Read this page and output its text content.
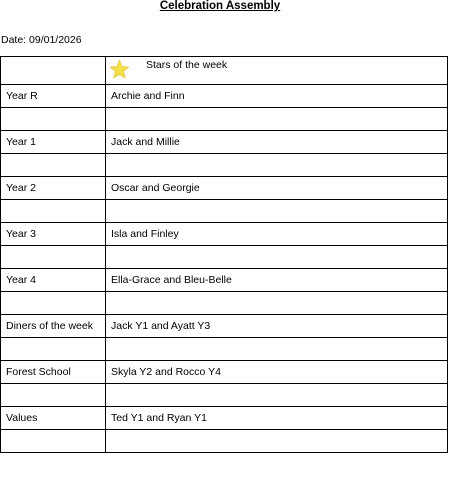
Celebration Assembly
Date: 09/01/2026

	Stars of the week

Year R	Archie and Finn

Year 1	Jack and Millie

Year 2	Oscar and Georgie

Year 3	Isla and Finley

Year 4	Ella-Grace and Bleu-Belle

Diners of the week	Jack Y1 and Ayatt Y3

Forest School	Skyla Y2 and Rocco Y4

Values	Ted Y1 and Ryan Y1
